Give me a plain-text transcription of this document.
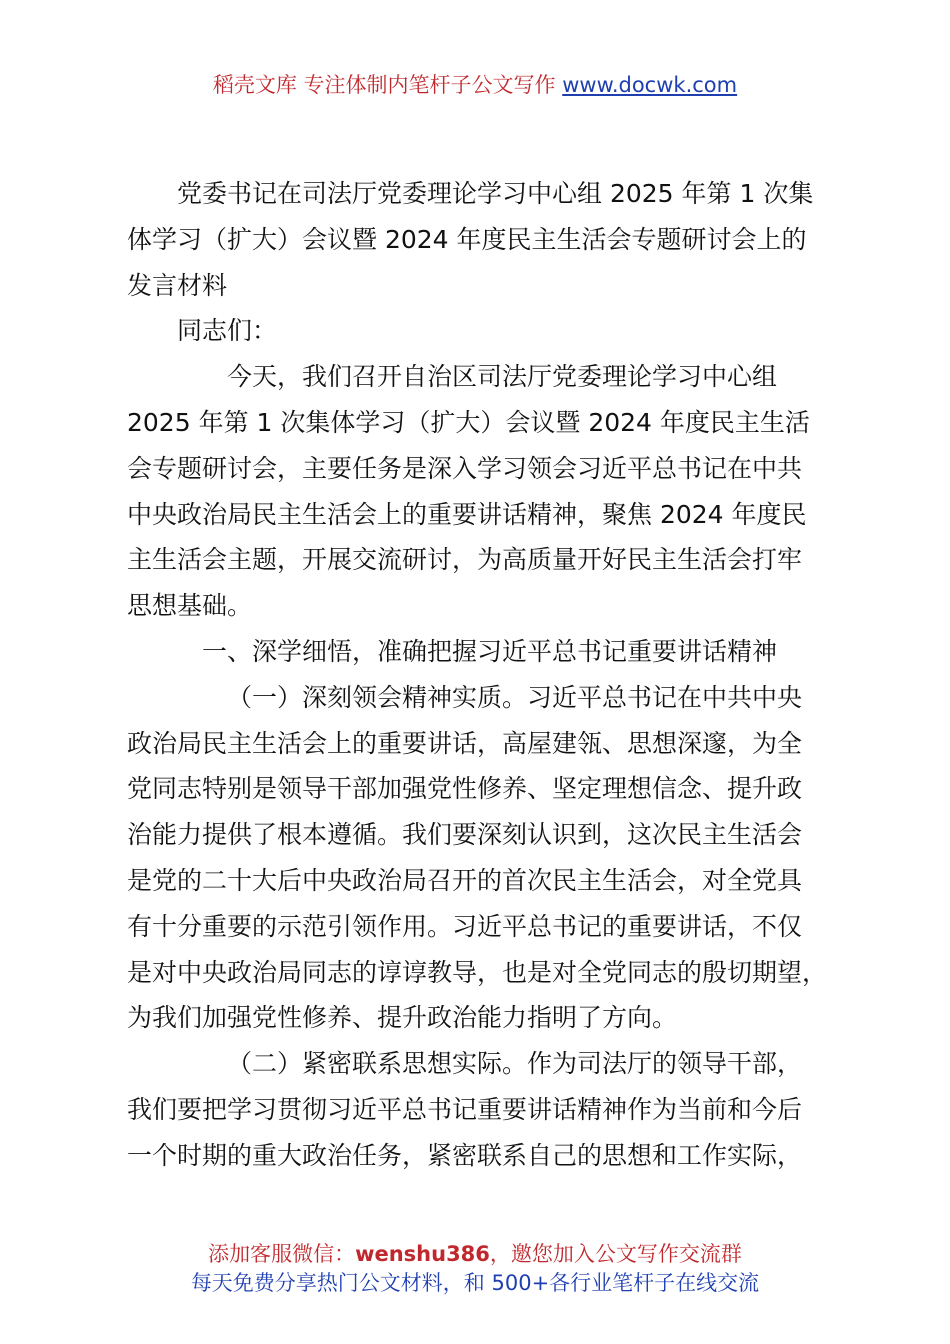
稻壳文库 专注体制内笔杆子公文写作 www.docwk.com

党委书记在司法厅党委理论学习中心组 2025 年第 1 次集

体学习（扩大）会议暨 2024 年度民主生活会专题研讨会上的

发言材料

同志们：

今天，我们召开自治区司法厅党委理论学习中心组

2025 年第 1 次集体学习（扩大）会议暨 2024 年度民主生活

会专题研讨会，主要任务是深入学习领会习近平总书记在中共

中央政治局民主生活会上的重要讲话精神，聚焦 2024 年度民

主生活会主题，开展交流研讨，为高质量开好民主生活会打牢

思想基础。

一、深学细悟，准确把握习近平总书记重要讲话精神

（一）深刻领会精神实质。习近平总书记在中共中央

政治局民主生活会上的重要讲话，高屋建瓴、思想深邃，为全

党同志特别是领导干部加强党性修养、坚定理想信念、提升政

治能力提供了根本遵循。我们要深刻认识到，这次民主生活会

是党的二十大后中央政治局召开的首次民主生活会，对全党具

有十分重要的示范引领作用。习近平总书记的重要讲话，不仅

是对中央政治局同志的谆谆教导，也是对全党同志的殷切期望，

为我们加强党性修养、提升政治能力指明了方向。

（二）紧密联系思想实际。作为司法厅的领导干部，

我们要把学习贯彻习近平总书记重要讲话精神作为当前和今后

一个时期的重大政治任务，紧密联系自己的思想和工作实际，

添加客服微信：wenshu386，邀您加入公文写作交流群
每天免费分享热门公文材料，和 500+各行业笔杆子在线交流
